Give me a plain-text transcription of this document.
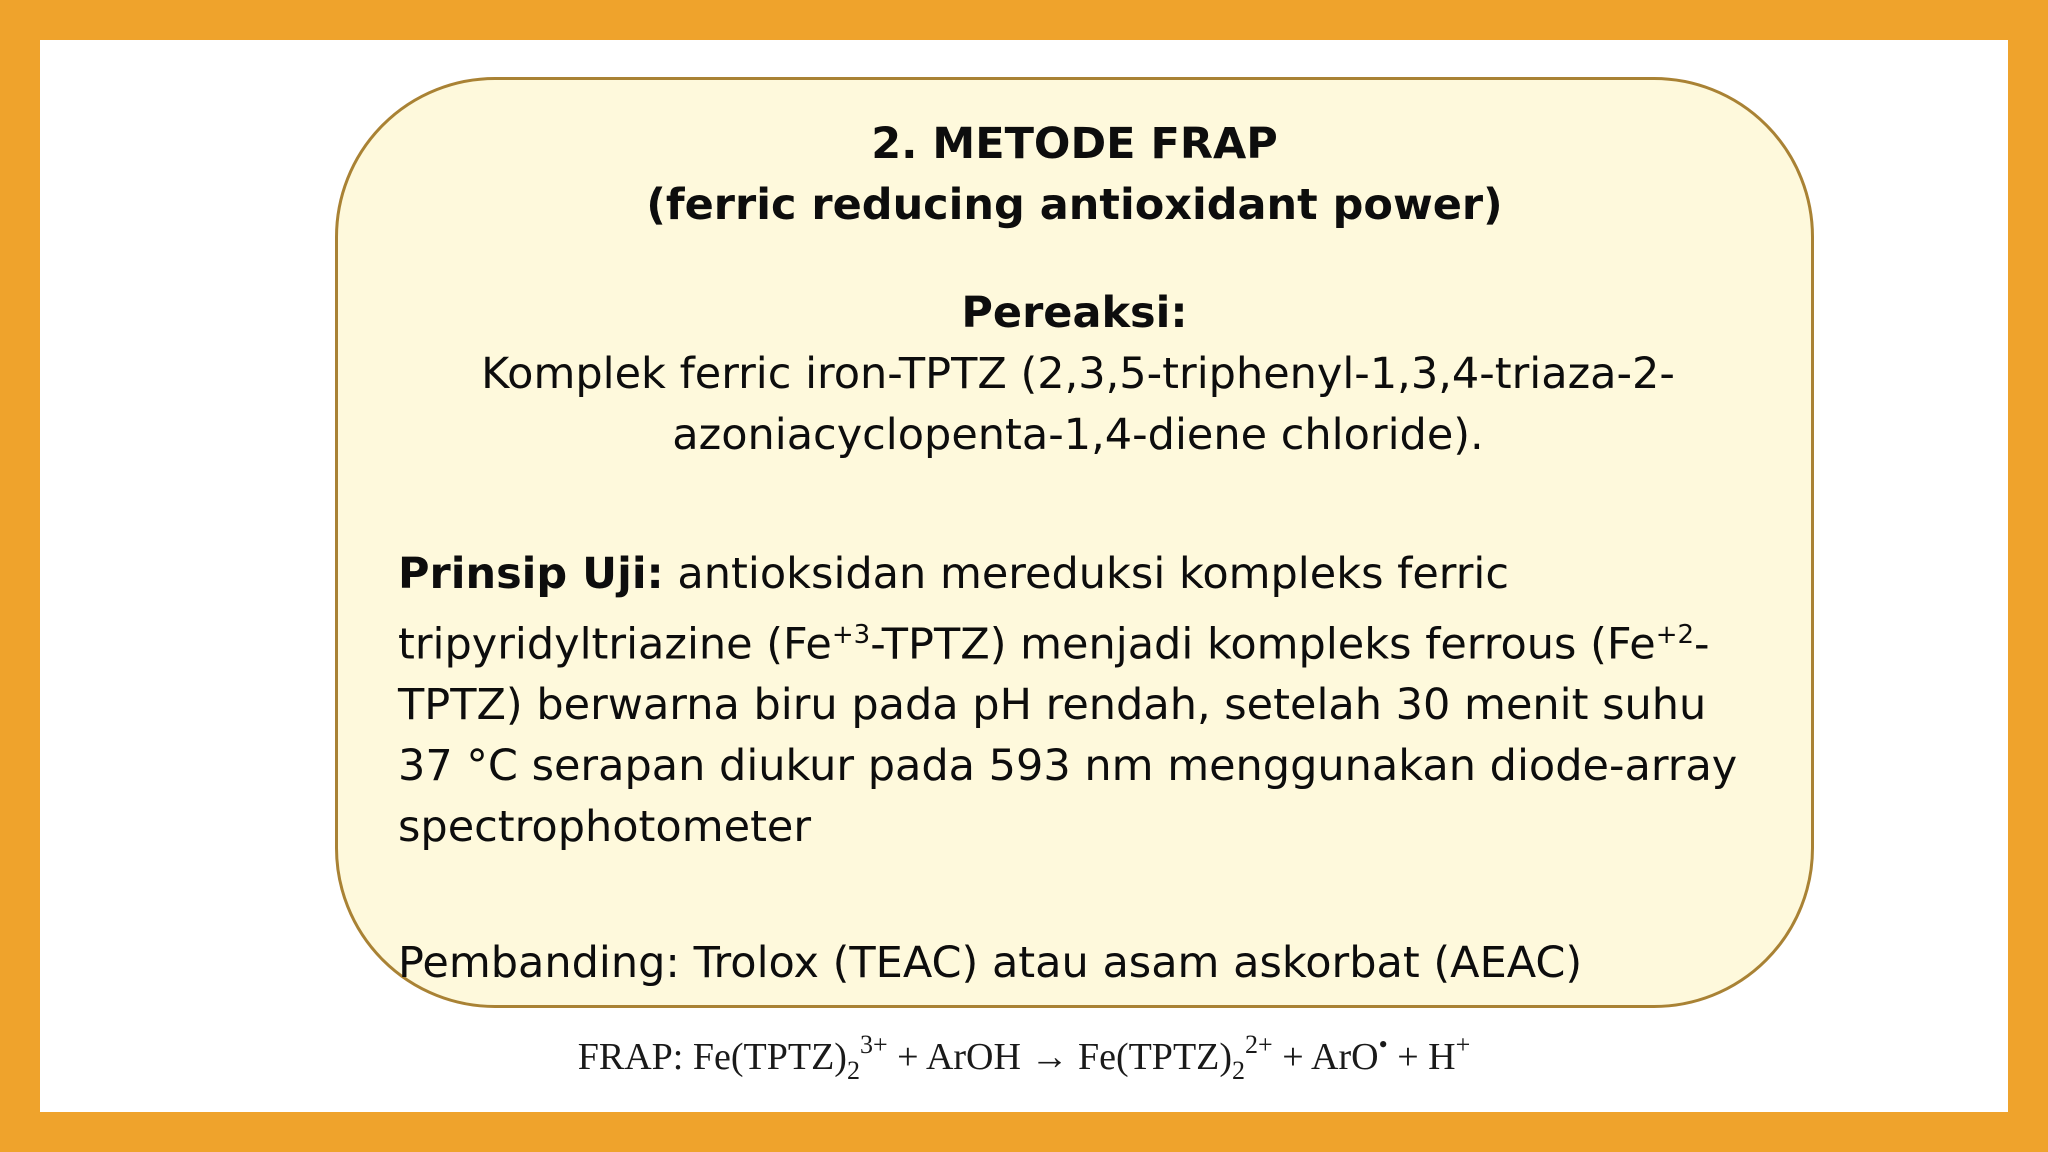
2. METODE FRAP
(ferric reducing antioxidant power)
Pereaksi:
Komplek ferric iron-TPTZ (2,3,5-triphenyl-1,3,4-triaza-2-azoniacyclopenta-1,4-diene chloride).
Prinsip Uji: antioksidan mereduksi kompleks ferric tripyridyltriazine $(Fe^{+3}-TPTZ)$ menjadi kompleks ferrous $(Fe^{+2}-TPTZ)$ berwarna biru pada pH rendah, setelah 30 menit suhu 37 °C serapan diukur pada 593 nm menggunakan diode-array spectrophotometer
Pembanding: Trolox (TEAC) atau asam askorbat (AEAC)
FRAP: $Fe(TPTZ)_2^{3+}$ + ArOH → $Fe(TPTZ)_2^{2+} + ArO^• + H^+$
